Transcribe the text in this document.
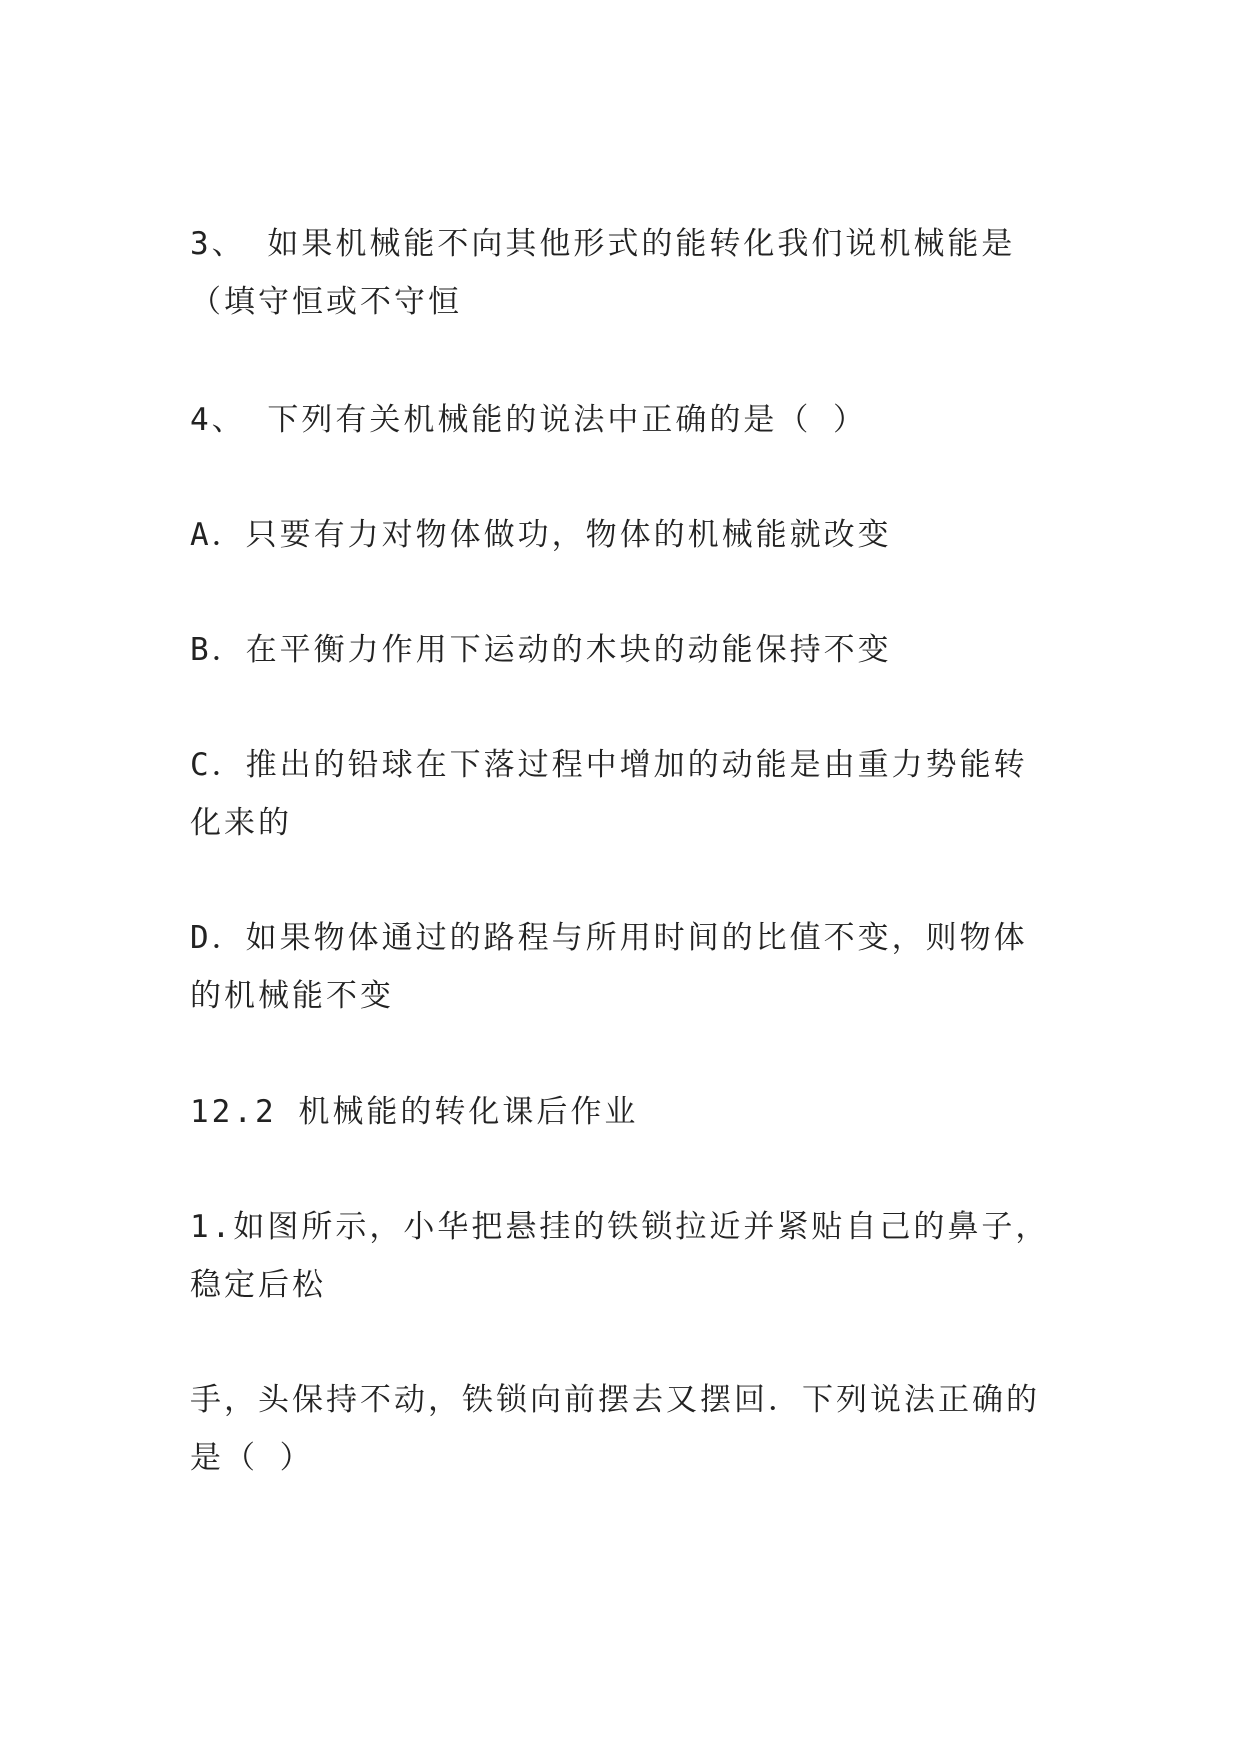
3、 如果机械能不向其他形式的能转化我们说机械能是（填守恒或不守恒
4、 下列有关机械能的说法中正确的是（ ）
A．只要有力对物体做功，物体的机械能就改变
B．在平衡力作用下运动的木块的动能保持不变
C．推出的铅球在下落过程中增加的动能是由重力势能转化来的
D．如果物体通过的路程与所用时间的比值不变，则物体的机械能不变
12.2 机械能的转化课后作业
1.如图所示，小华把悬挂的铁锁拉近并紧贴自己的鼻子，稳定后松
手，头保持不动，铁锁向前摆去又摆回．下列说法正确的是（ ）
